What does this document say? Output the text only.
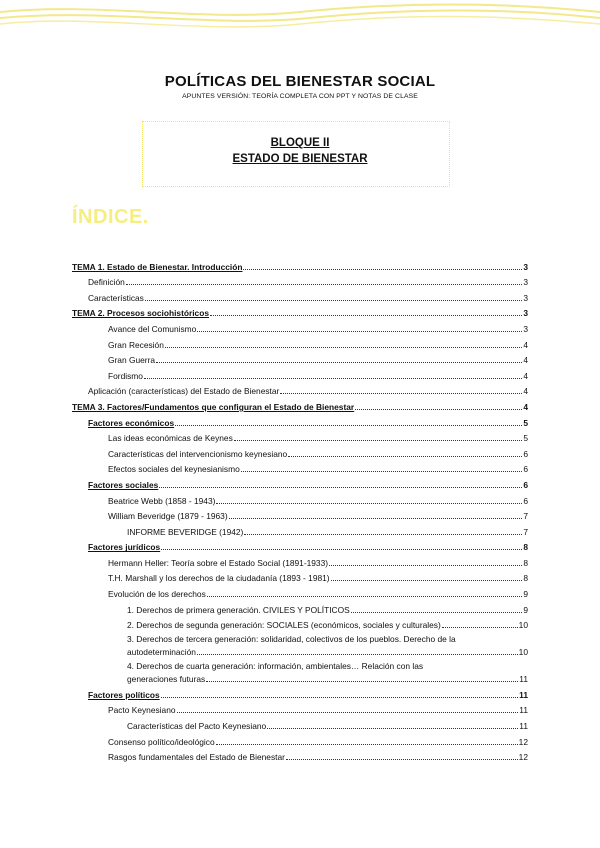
POLÍTICAS DEL BIENESTAR SOCIAL
APUNTES VERSIÓN: TEORÍA COMPLETA CON PPT Y NOTAS DE CLASE
BLOQUE II
ESTADO DE BIENESTAR
ÍNDICE.
TEMA 1. Estado de Bienestar. Introducción	3
Definición	3
Características	3
TEMA 2. Procesos sociohistóricos	3
Avance del Comunismo	3
Gran Recesión	4
Gran Guerra	4
Fordismo	4
Aplicación (características) del Estado de Bienestar	4
TEMA 3. Factores/Fundamentos que configuran el Estado de Bienestar	4
Factores económicos	5
Las ideas económicas de Keynes	5
Características del intervencionismo keynesiano	6
Efectos sociales del keynesianismo	6
Factores sociales	6
Beatrice Webb (1858 - 1943)	6
William Beveridge (1879 - 1963)	7
INFORME BEVERIDGE (1942)	7
Factores jurídicos	8
Hermann Heller: Teoría sobre el Estado Social (1891-1933)	8
T.H. Marshall y los derechos de la ciudadanía (1893 - 1981)	8
Evolución de los derechos	9
1. Derechos de primera generación. CIVILES Y POLÍTICOS	9
2. Derechos de segunda generación: SOCIALES (económicos, sociales y culturales)	10
3. Derechos de tercera generación: solidaridad, colectivos de los pueblos. Derecho de la
autodeterminación	10
4. Derechos de cuarta generación: información, ambientales… Relación con las
generaciones futuras	11
Factores políticos	11
Pacto Keynesiano	11
Características del Pacto Keynesiano	11
Consenso político/ideológico	12
Rasgos fundamentales del Estado de Bienestar	12
